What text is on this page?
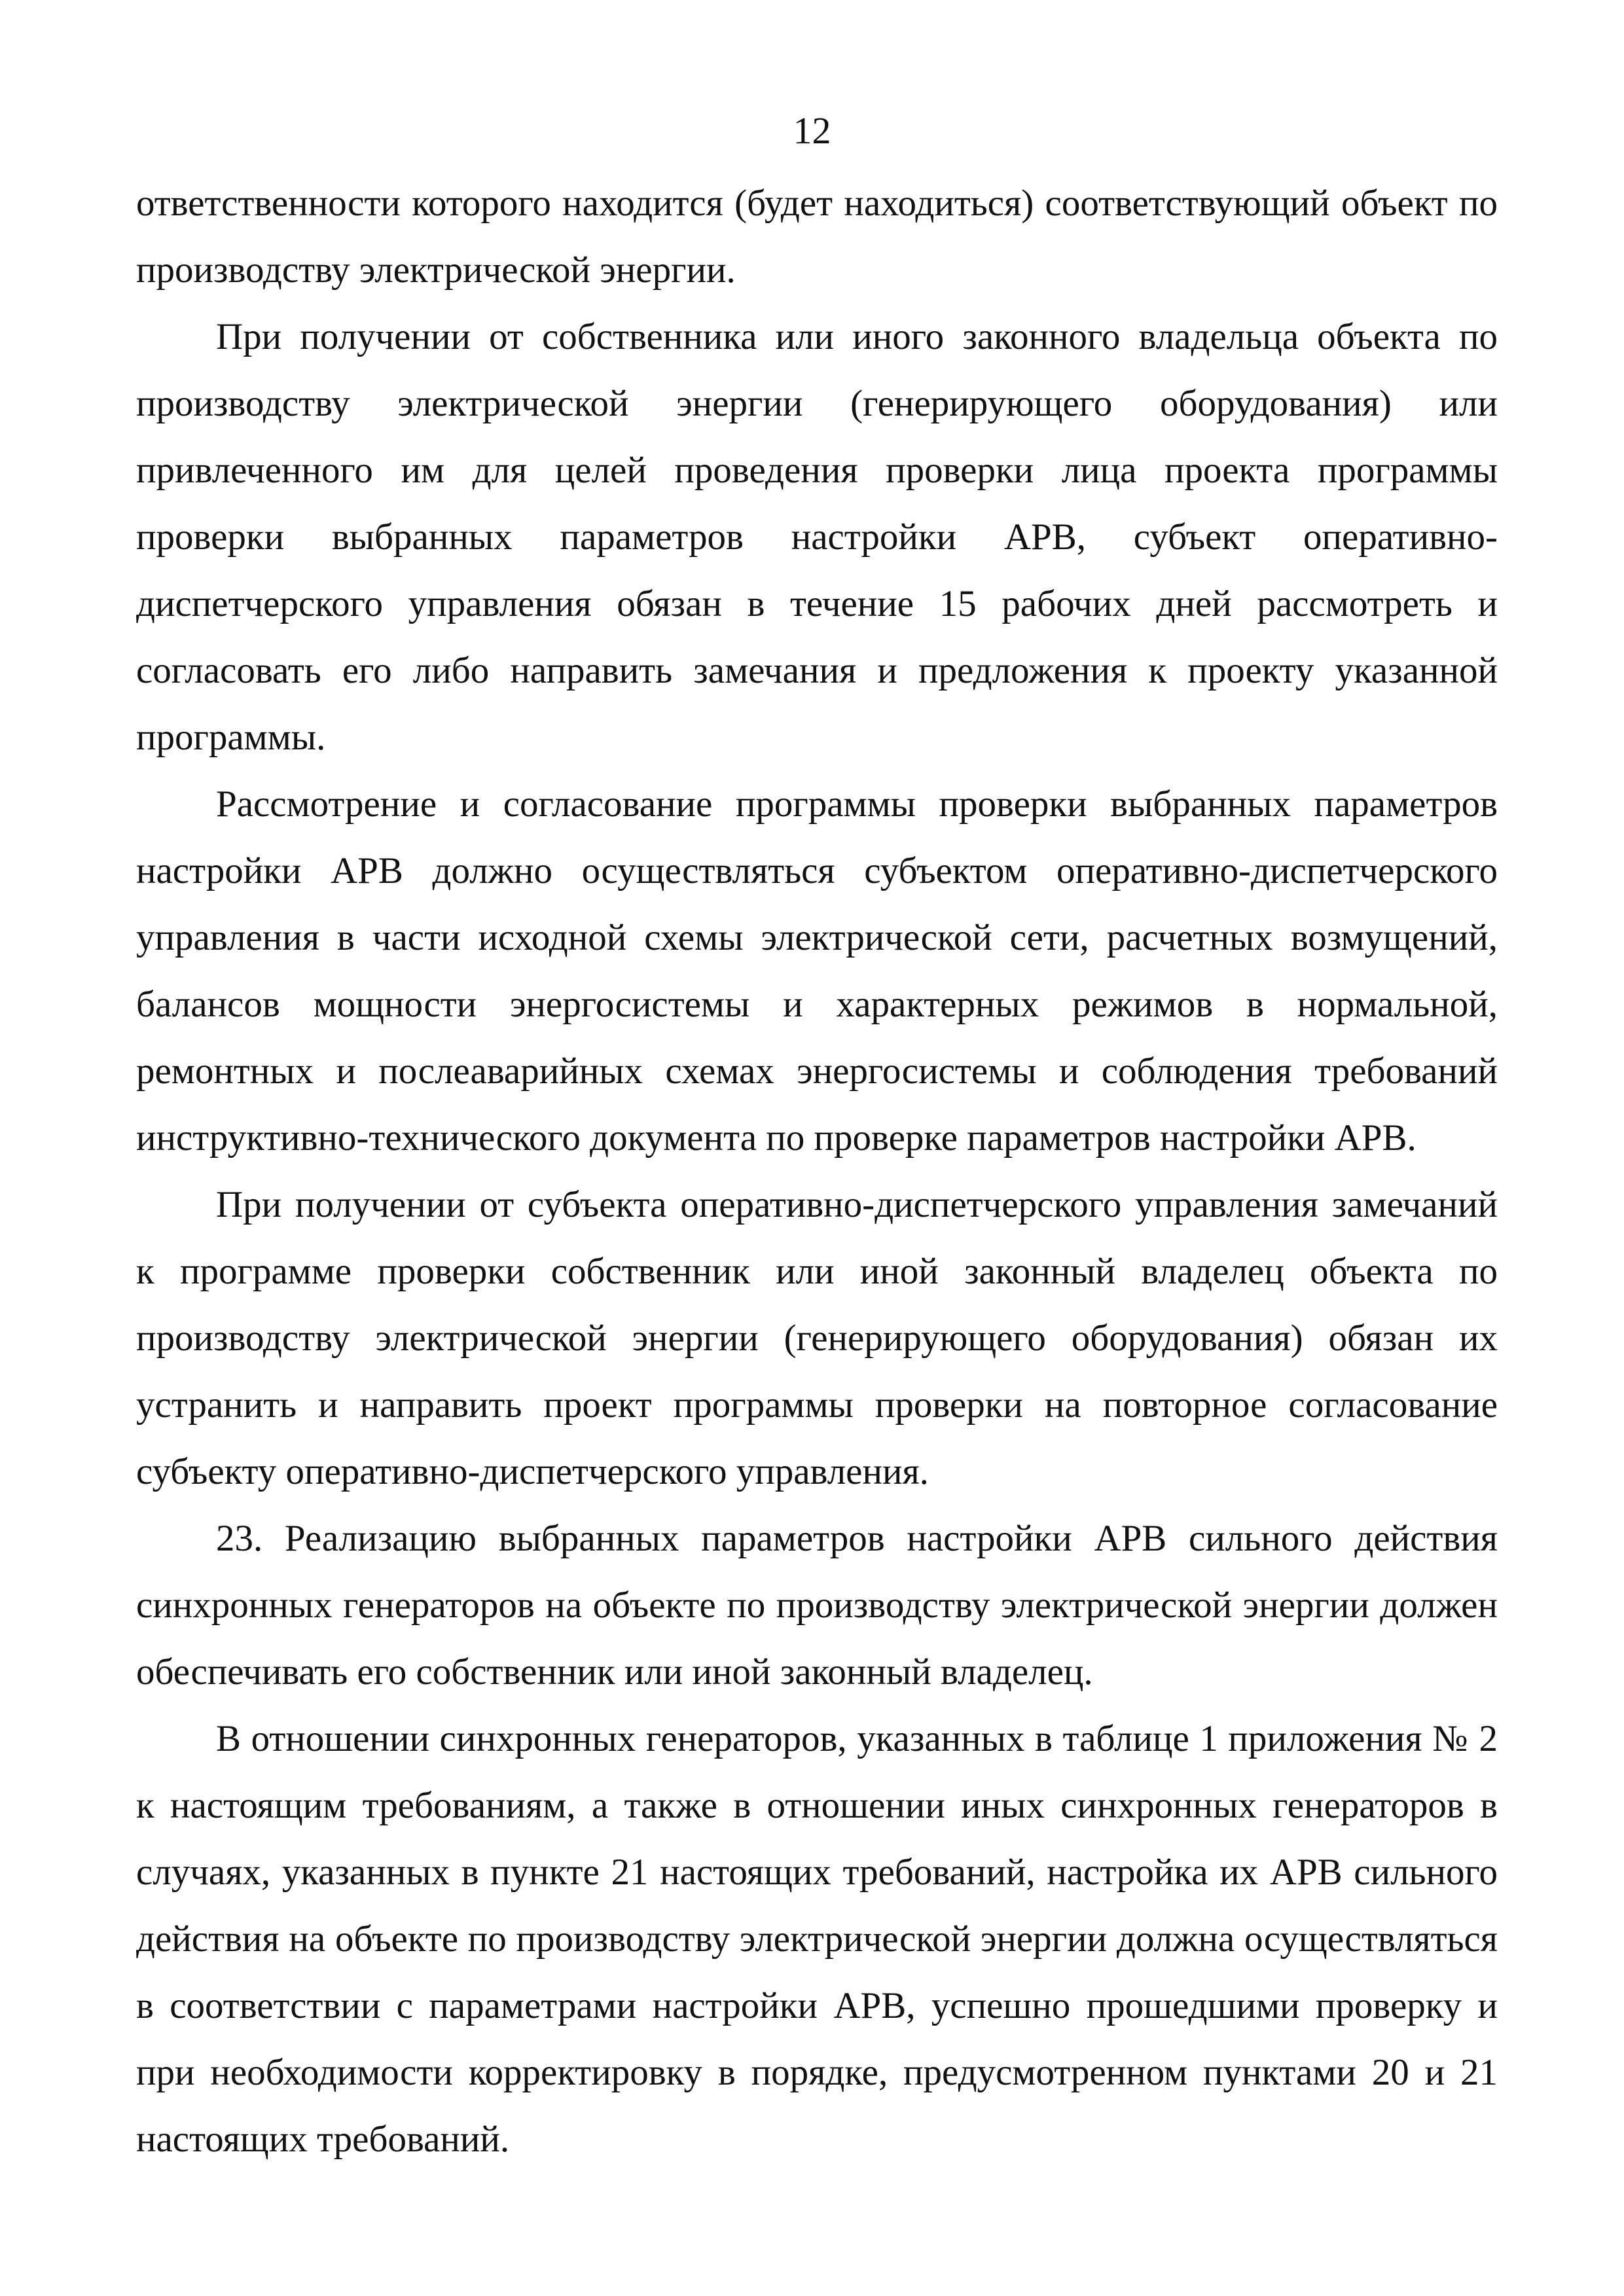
12

ответственности которого находится (будет находиться) соответствующий объект по производству электрической энергии.

При получении от собственника или иного законного владельца объекта по производству электрической энергии (генерирующего оборудования) или привлеченного им для целей проведения проверки лица проекта программы проверки выбранных параметров настройки АРВ, субъект оперативно-диспетчерского управления обязан в течение 15 рабочих дней рассмотреть и согласовать его либо направить замечания и предложения к проекту указанной программы.

Рассмотрение и согласование программы проверки выбранных параметров настройки АРВ должно осуществляться субъектом оперативно-диспетчерского управления в части исходной схемы электрической сети, расчетных возмущений, балансов мощности энергосистемы и характерных режимов в нормальной, ремонтных и послеаварийных схемах энергосистемы и соблюдения требований инструктивно-технического документа по проверке параметров настройки АРВ.

При получении от субъекта оперативно-диспетчерского управления замечаний к программе проверки собственник или иной законный владелец объекта по производству электрической энергии (генерирующего оборудования) обязан их устранить и направить проект программы проверки на повторное согласование субъекту оперативно-диспетчерского управления.

23. Реализацию выбранных параметров настройки АРВ сильного действия синхронных генераторов на объекте по производству электрической энергии должен обеспечивать его собственник или иной законный владелец.

В отношении синхронных генераторов, указанных в таблице 1 приложения № 2 к настоящим требованиям, а также в отношении иных синхронных генераторов в случаях, указанных в пункте 21 настоящих требований, настройка их АРВ сильного действия на объекте по производству электрической энергии должна осуществляться в соответствии с параметрами настройки АРВ, успешно прошедшими проверку и при необходимости корректировку в порядке, предусмотренном пунктами 20 и 21 настоящих требований.
